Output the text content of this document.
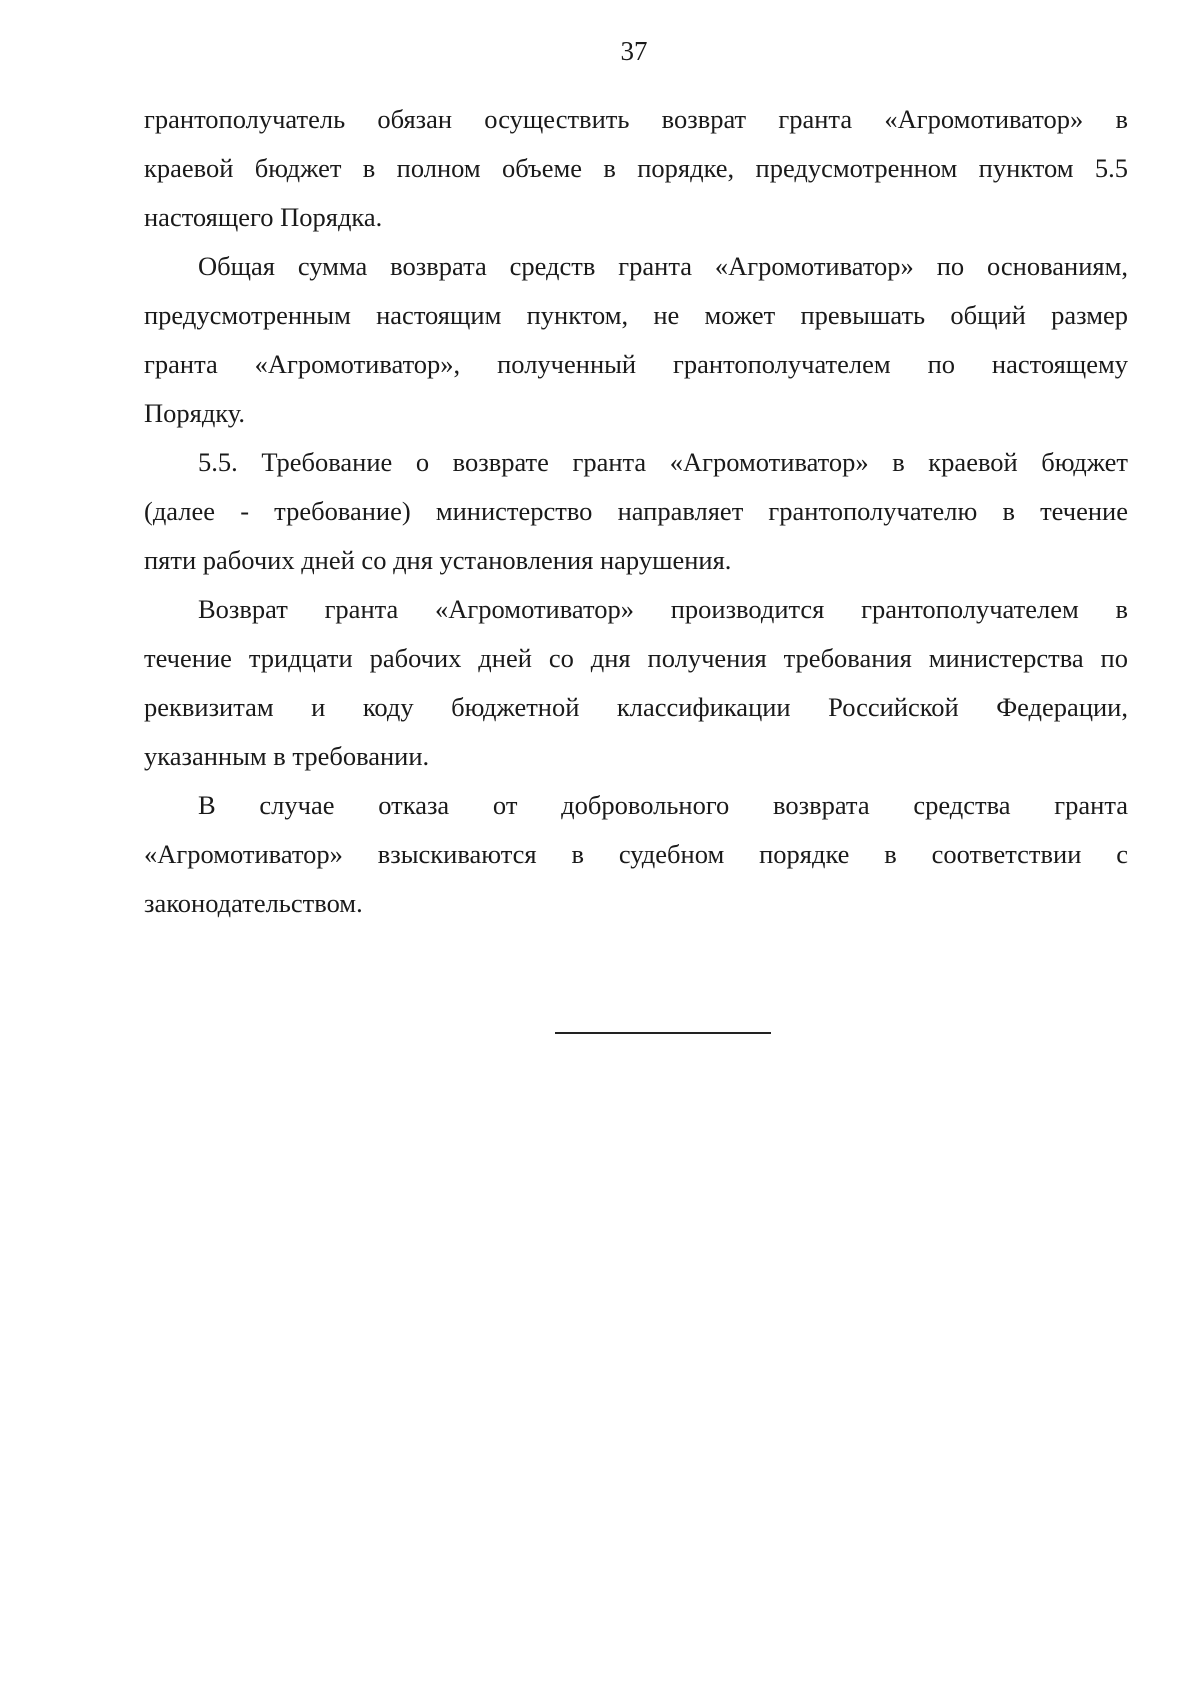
37
грантополучатель обязан осуществить возврат гранта «Агромотиватор» в
краевой бюджет в полном объеме в порядке, предусмотренном пунктом 5.5
настоящего Порядка.
Общая сумма возврата средств гранта «Агромотиватор» по основаниям,
предусмотренным настоящим пунктом, не может превышать общий размер
гранта «Агромотиватор», полученный грантополучателем по настоящему
Порядку.
5.5. Требование о возврате гранта «Агромотиватор» в краевой бюджет
(далее - требование) министерство направляет грантополучателю в течение
пяти рабочих дней со дня установления нарушения.
Возврат гранта «Агромотиватор» производится грантополучателем в
течение тридцати рабочих дней со дня получения требования министерства по
реквизитам и коду бюджетной классификации Российской Федерации,
указанным в требовании.
В случае отказа от добровольного возврата средства гранта
«Агромотиватор» взыскиваются в судебном порядке в соответствии с
законодательством.
